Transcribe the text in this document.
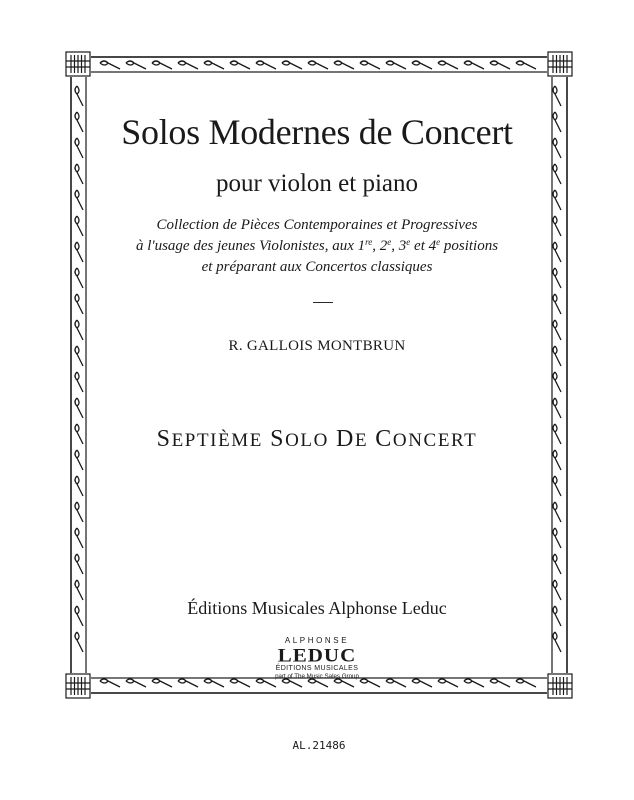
Solos Modernes de Concert
pour violon et piano
Collection de Pièces Contemporaines et Progressives
à l'usage des jeunes Violonistes, aux 1re, 2e, 3e et 4e positions
et préparant aux Concertos classiques
R. GALLOIS MONTBRUN
SEPTIÈME SOLO DE CONCERT
Éditions Musicales Alphonse Leduc
ALPHONSE
LEDUC
ÉDITIONS MUSICALES
part of The Music Sales Group
AL.21486
